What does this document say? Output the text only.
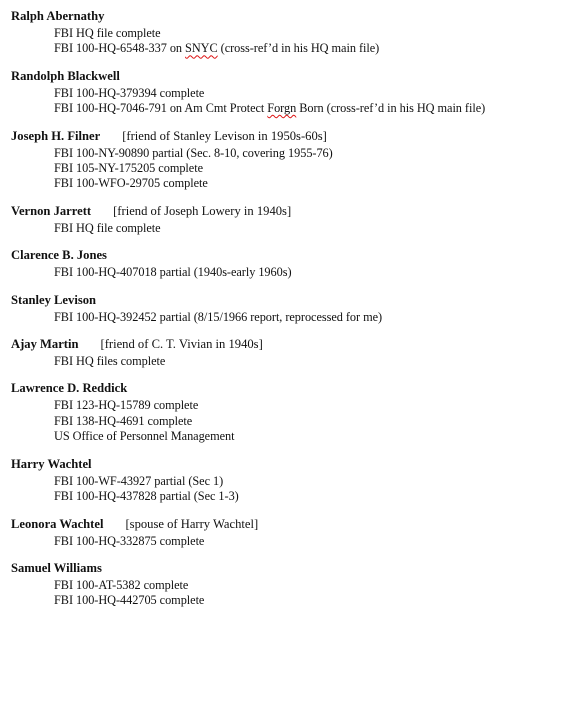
Ralph Abernathy
FBI HQ file complete
FBI 100-HQ-6548-337 on SNYC (cross-ref’d in his HQ main file)
Randolph Blackwell
FBI 100-HQ-379394 complete
FBI 100-HQ-7046-791 on Am Cmt Protect Forgn Born (cross-ref’d in his HQ main file)
Joseph H. Filner [friend of Stanley Levison in 1950s-60s]
FBI 100-NY-90890 partial (Sec. 8-10, covering 1955-76)
FBI 105-NY-175205 complete
FBI 100-WFO-29705 complete
Vernon Jarrett [friend of Joseph Lowery in 1940s]
FBI HQ file complete
Clarence B. Jones
FBI 100-HQ-407018 partial (1940s-early 1960s)
Stanley Levison
FBI 100-HQ-392452 partial (8/15/1966 report, reprocessed for me)
Ajay Martin [friend of C. T. Vivian in 1940s]
FBI HQ files complete
Lawrence D. Reddick
FBI 123-HQ-15789 complete
FBI 138-HQ-4691 complete
US Office of Personnel Management
Harry Wachtel
FBI 100-WF-43927 partial (Sec 1)
FBI 100-HQ-437828 partial (Sec 1-3)
Leonora Wachtel [spouse of Harry Wachtel]
FBI 100-HQ-332875 complete
Samuel Williams
FBI 100-AT-5382 complete
FBI 100-HQ-442705 complete
